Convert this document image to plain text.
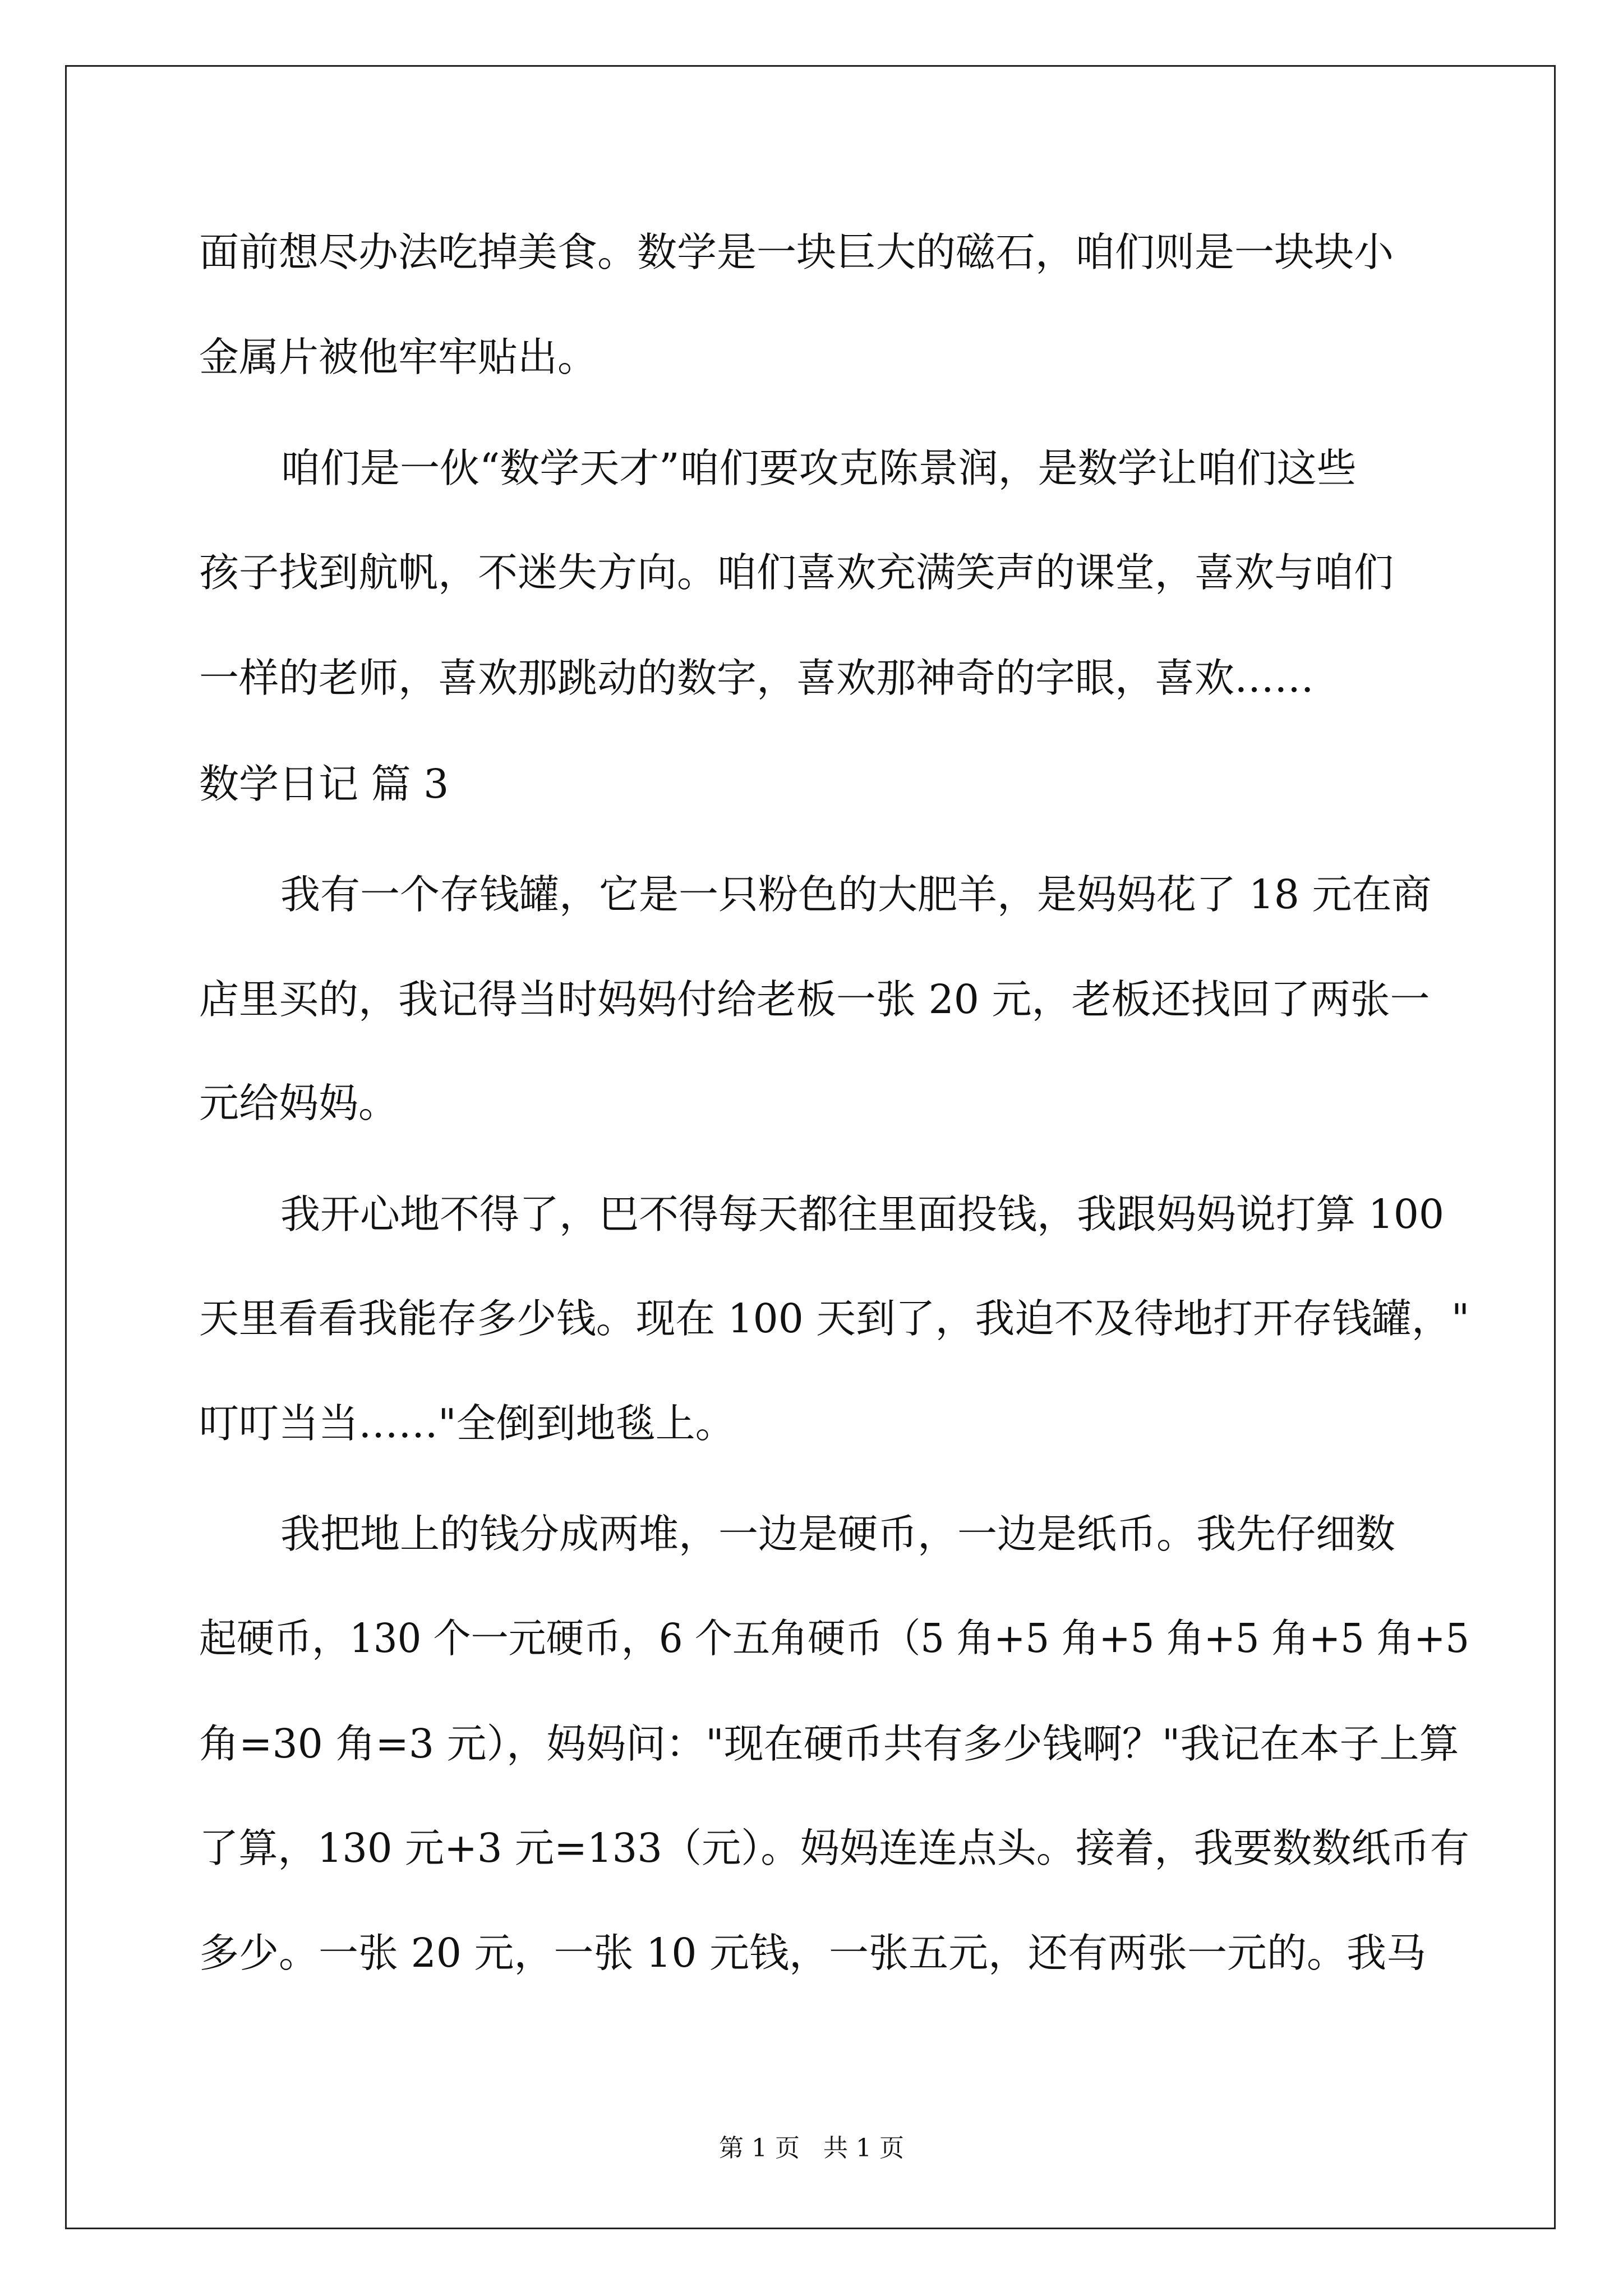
面前想尽办法吃掉美食。数学是一块巨大的磁石，咱们则是一块块小
金属片被他牢牢贴出。
咱们是一伙“数学天才”咱们要攻克陈景润，是数学让咱们这些
孩子找到航帆，不迷失方向。咱们喜欢充满笑声的课堂，喜欢与咱们
一样的老师，喜欢那跳动的数字，喜欢那神奇的字眼，喜欢……
数学日记 篇 3
我有一个存钱罐，它是一只粉色的大肥羊，是妈妈花了 18 元在商
店里买的，我记得当时妈妈付给老板一张 20 元，老板还找回了两张一
元给妈妈。
我开心地不得了，巴不得每天都往里面投钱，我跟妈妈说打算 100
天里看看我能存多少钱。现在 100 天到了，我迫不及待地打开存钱罐，"
叮叮当当……"全倒到地毯上。
我把地上的钱分成两堆，一边是硬币，一边是纸币。我先仔细数
起硬币，130 个一元硬币，6 个五角硬币（5 角+5 角+5 角+5 角+5 角+5
角=30 角=3 元），妈妈问："现在硬币共有多少钱啊？"我记在本子上算
了算，130 元+3 元=133（元）。妈妈连连点头。接着，我要数数纸币有
多少。一张 20 元，一张 10 元钱，一张五元，还有两张一元的。我马
第 1 页   共 1 页
